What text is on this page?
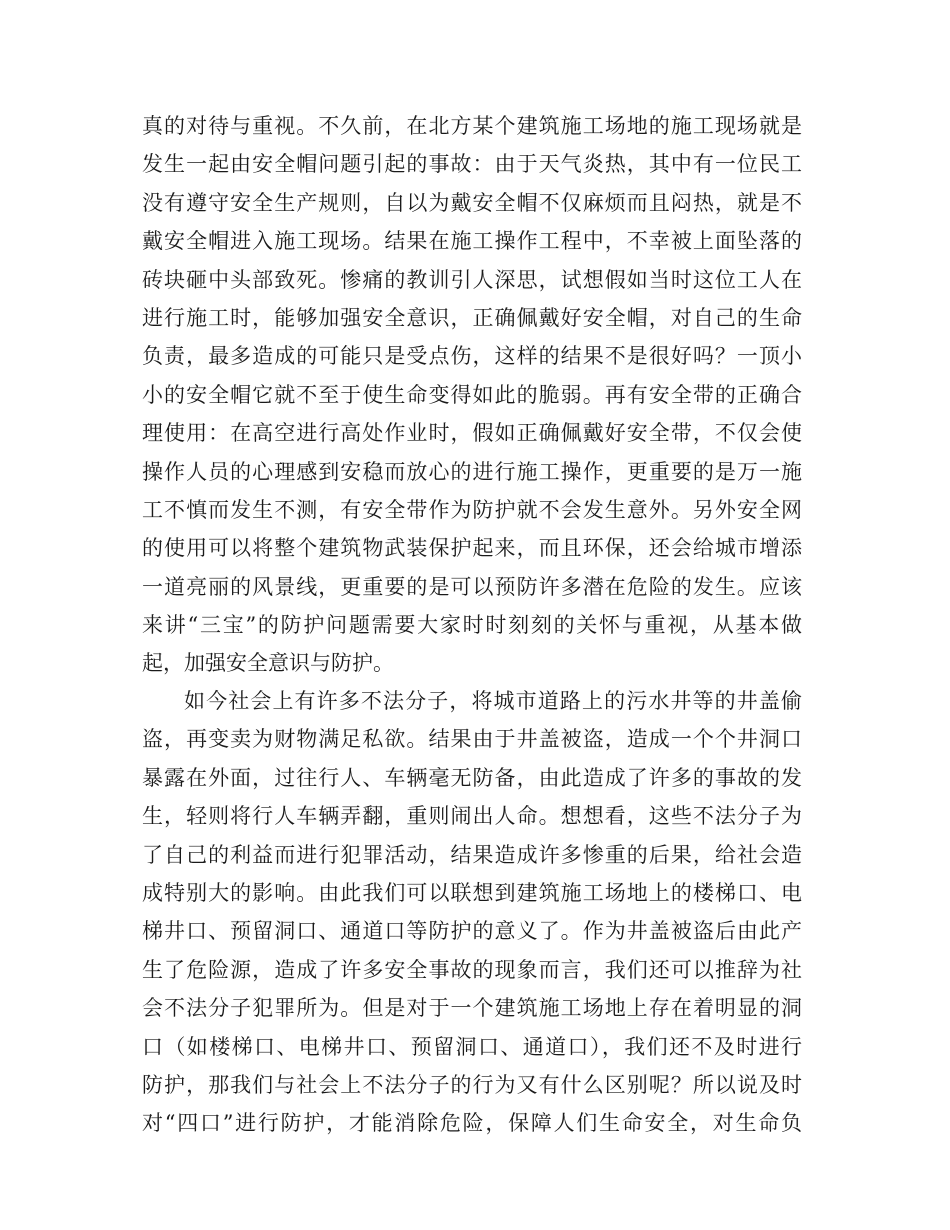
真的对待与重视。不久前，在北方某个建筑施工场地的施工现场就是
发生一起由安全帽问题引起的事故：由于天气炎热，其中有一位民工
没有遵守安全生产规则，自以为戴安全帽不仅麻烦而且闷热，就是不
戴安全帽进入施工现场。结果在施工操作工程中，不幸被上面坠落的
砖块砸中头部致死。惨痛的教训引人深思，试想假如当时这位工人在
进行施工时，能够加强安全意识，正确佩戴好安全帽，对自己的生命
负责，最多造成的可能只是受点伤，这样的结果不是很好吗？一顶小
小的安全帽它就不至于使生命变得如此的脆弱。再有安全带的正确合
理使用：在高空进行高处作业时，假如正确佩戴好安全带，不仅会使
操作人员的心理感到安稳而放心的进行施工操作，更重要的是万一施
工不慎而发生不测，有安全带作为防护就不会发生意外。另外安全网
的使用可以将整个建筑物武装保护起来，而且环保，还会给城市增添
一道亮丽的风景线，更重要的是可以预防许多潜在危险的发生。应该
来讲“三宝”的防护问题需要大家时时刻刻的关怀与重视，从基本做
起，加强安全意识与防护。
如今社会上有许多不法分子，将城市道路上的污水井等的井盖偷
盗，再变卖为财物满足私欲。结果由于井盖被盗，造成一个个井洞口
暴露在外面，过往行人、车辆毫无防备，由此造成了许多的事故的发
生，轻则将行人车辆弄翻，重则闹出人命。想想看，这些不法分子为
了自己的利益而进行犯罪活动，结果造成许多惨重的后果，给社会造
成特别大的影响。由此我们可以联想到建筑施工场地上的楼梯口、电
梯井口、预留洞口、通道口等防护的意义了。作为井盖被盗后由此产
生了危险源，造成了许多安全事故的现象而言，我们还可以推辞为社
会不法分子犯罪所为。但是对于一个建筑施工场地上存在着明显的洞
口（如楼梯口、电梯井口、预留洞口、通道口），我们还不及时进行
防护，那我们与社会上不法分子的行为又有什么区别呢？所以说及时
对“四口”进行防护，才能消除危险，保障人们生命安全，对生命负
